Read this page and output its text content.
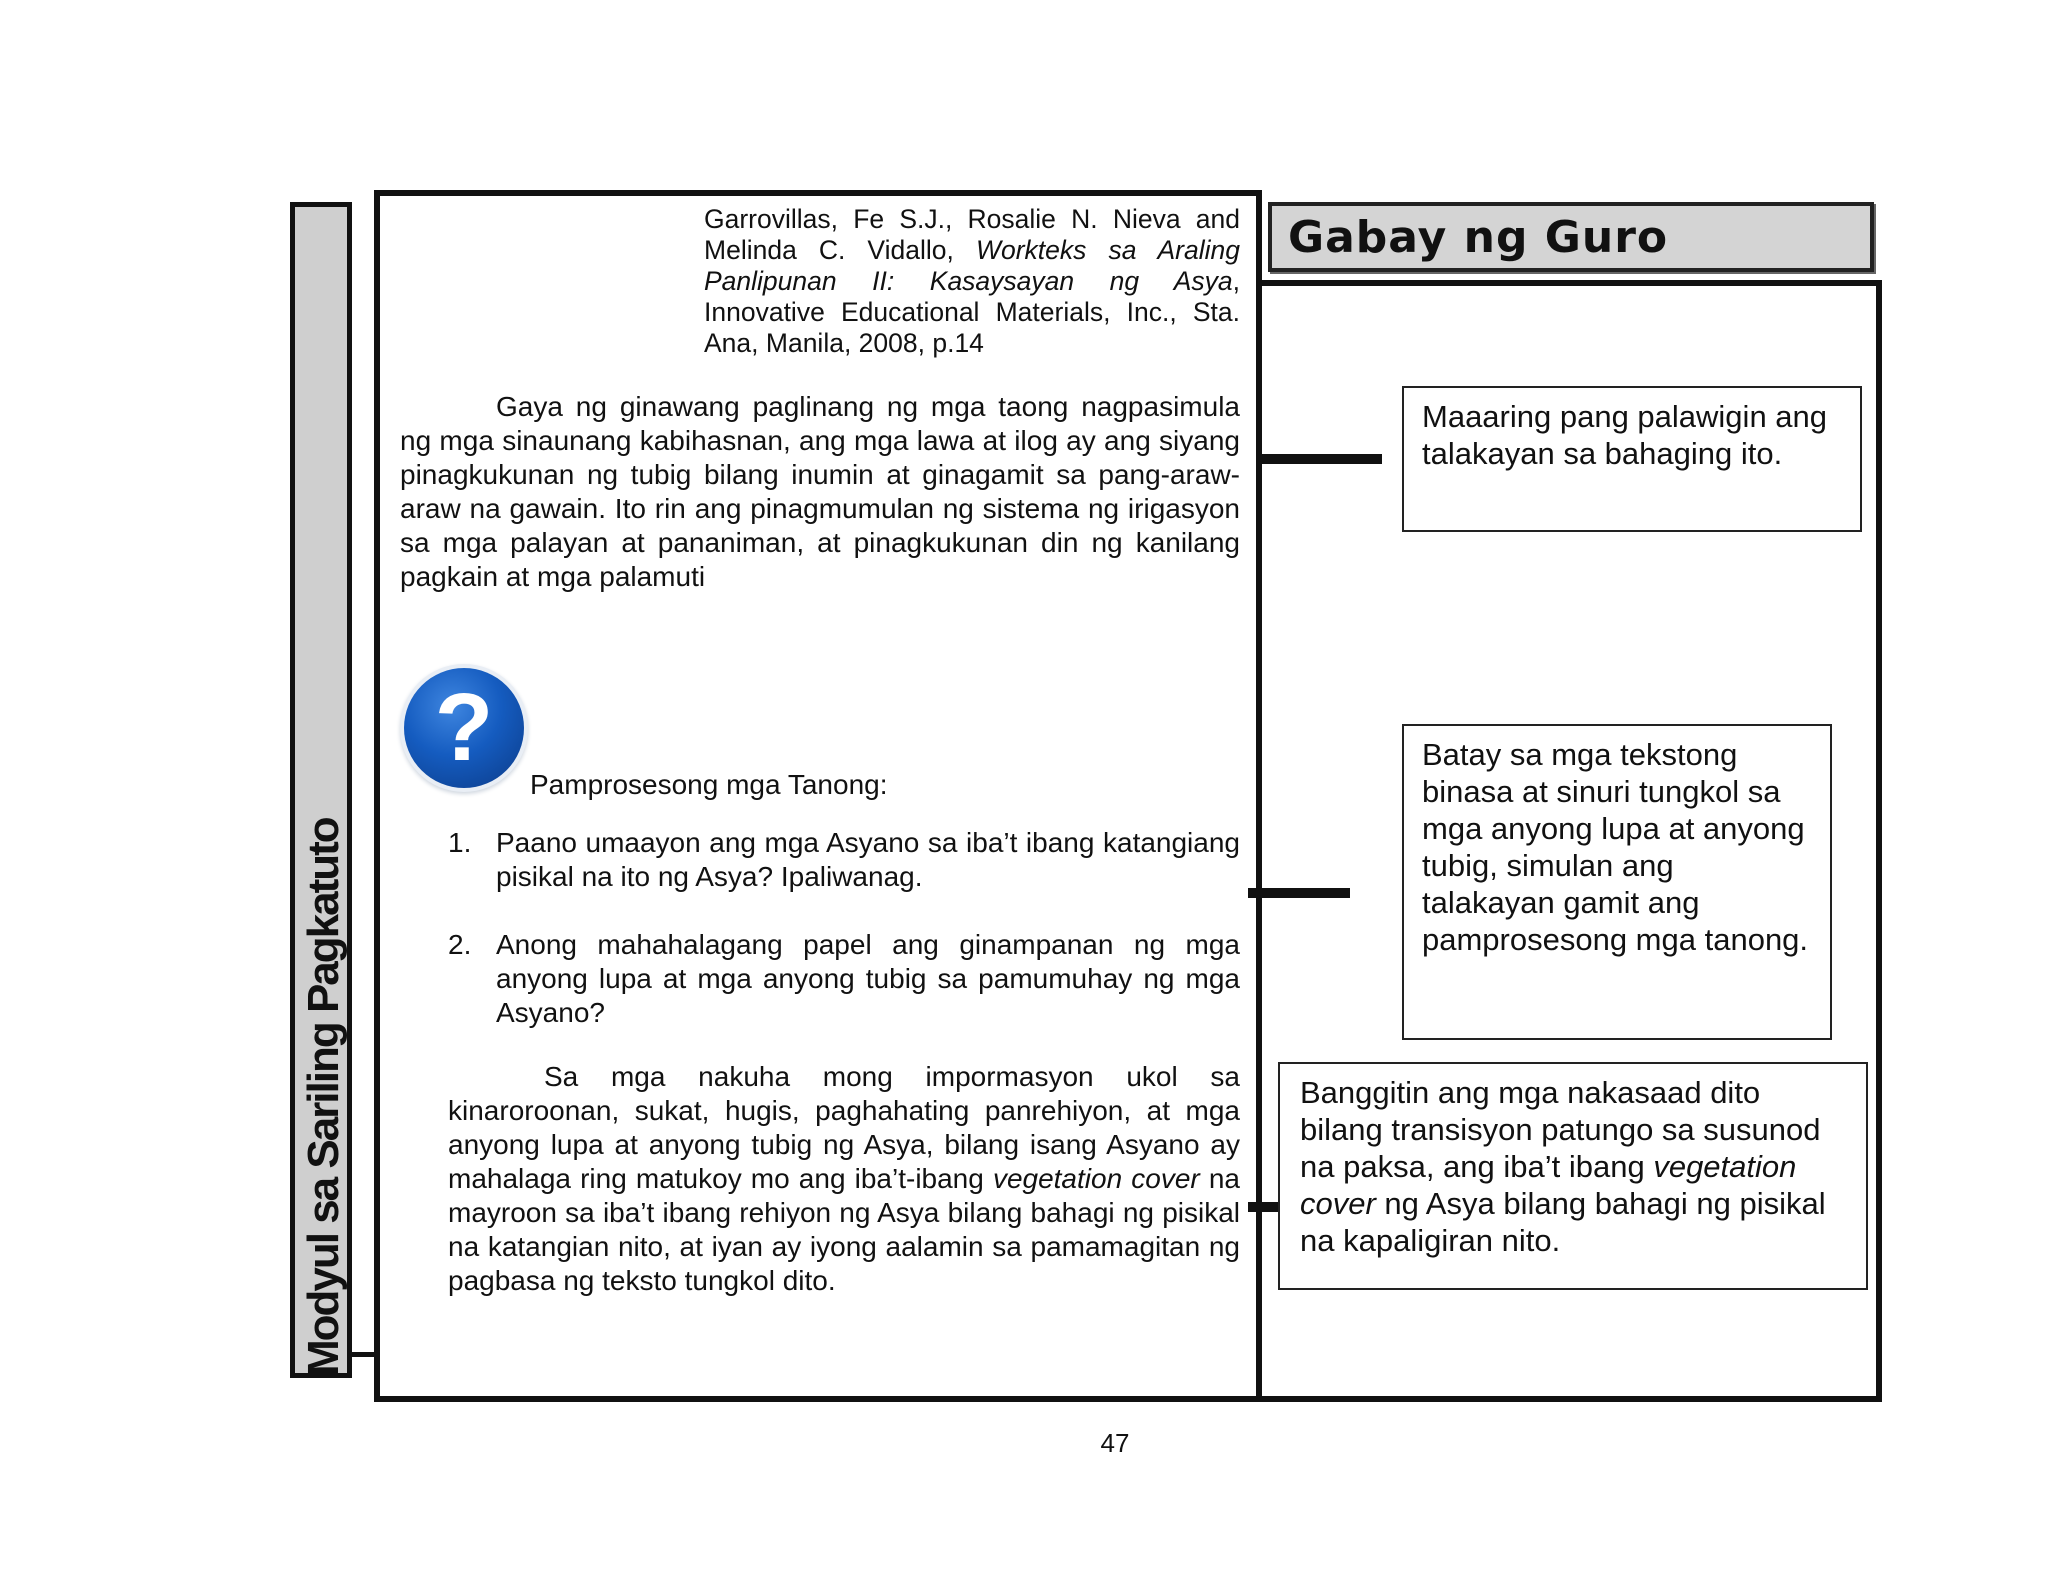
Modyul sa Sariling Pagkatuto
Garrovillas, Fe S.J., Rosalie N. Nieva and Melinda C. Vidallo, Workteks sa Araling Panlipunan II: Kasaysayan ng Asya, Innovative Educational Materials, Inc., Sta. Ana, Manila, 2008, p.14
Gaya ng ginawang paglinang ng mga taong nagpasimula ng mga sinaunang kabihasnan, ang mga lawa at ilog ay ang siyang pinagkukunan ng tubig bilang inumin at ginagamit sa pang-araw-araw na gawain. Ito rin ang pinagmumulan ng sistema ng irigasyon sa mga palayan at pananiman, at pinagkukunan din ng kanilang pagkain at mga palamuti
?
Pamprosesong mga Tanong:
1. Paano umaayon ang mga Asyano sa iba’t ibang katangiang pisikal na ito ng Asya? Ipaliwanag.
2. Anong mahahalagang papel ang ginampanan ng mga anyong lupa at mga anyong tubig sa pamumuhay ng mga Asyano?
Sa mga nakuha mong impormasyon ukol sa kinaroroonan, sukat, hugis, paghahating panrehiyon, at mga anyong lupa at anyong tubig ng Asya, bilang isang Asyano ay mahalaga ring matukoy mo ang iba’t-ibang vegetation cover na mayroon sa iba’t ibang rehiyon ng Asya bilang bahagi ng pisikal na katangian nito, at iyan ay iyong aalamin sa pamamagitan ng pagbasa ng teksto tungkol dito.
47
Gabay ng Guro
Maaaring pang palawigin ang talakayan sa bahaging ito.
Batay sa mga tekstong binasa at sinuri tungkol sa mga anyong lupa at anyong tubig, simulan ang talakayan gamit ang pamprosesong mga tanong.
Banggitin ang mga nakasaad dito bilang transisyon patungo sa susunod na paksa, ang iba’t ibang vegetation cover ng Asya bilang bahagi ng pisikal na kapaligiran nito.
